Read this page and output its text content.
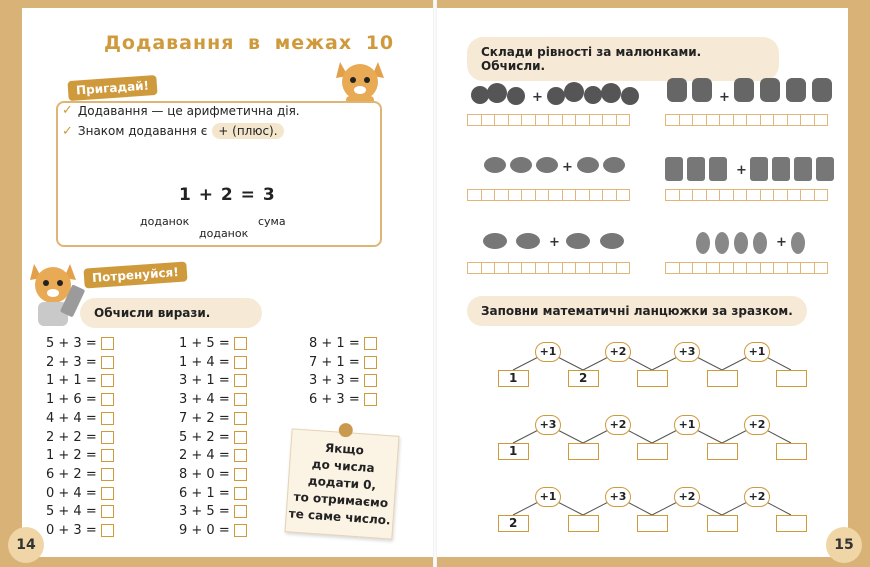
Додавання в межах 10
Пригадай!
✓ Додавання — це арифметична дія.
✓ Знаком додавання є + (плюс).
1 + 2 = 3
доданок
доданок
сума
Потренуйся!
Обчисли вирази.
5 + 3 =
2 + 3 =
1 + 1 =
1 + 6 =
4 + 4 =
2 + 2 =
1 + 2 =
6 + 2 =
0 + 4 =
5 + 4 =
0 + 3 =
1 + 5 =
1 + 4 =
3 + 1 =
3 + 4 =
7 + 2 =
5 + 2 =
2 + 4 =
8 + 0 =
6 + 1 =
3 + 5 =
9 + 0 =
8 + 1 =
7 + 1 =
3 + 3 =
6 + 3 =
Якщо
до числа
додати 0,
то отримаємо
те саме число.
14
Склади рівності за малюнками. Обчисли.
+	+
+	+
+	+
Заповни математичні ланцюжки за зразком.
+1	+2	+3	+1
1	2
+3	+2	+1	+2
1
+1	+3	+2	+2
2
15
